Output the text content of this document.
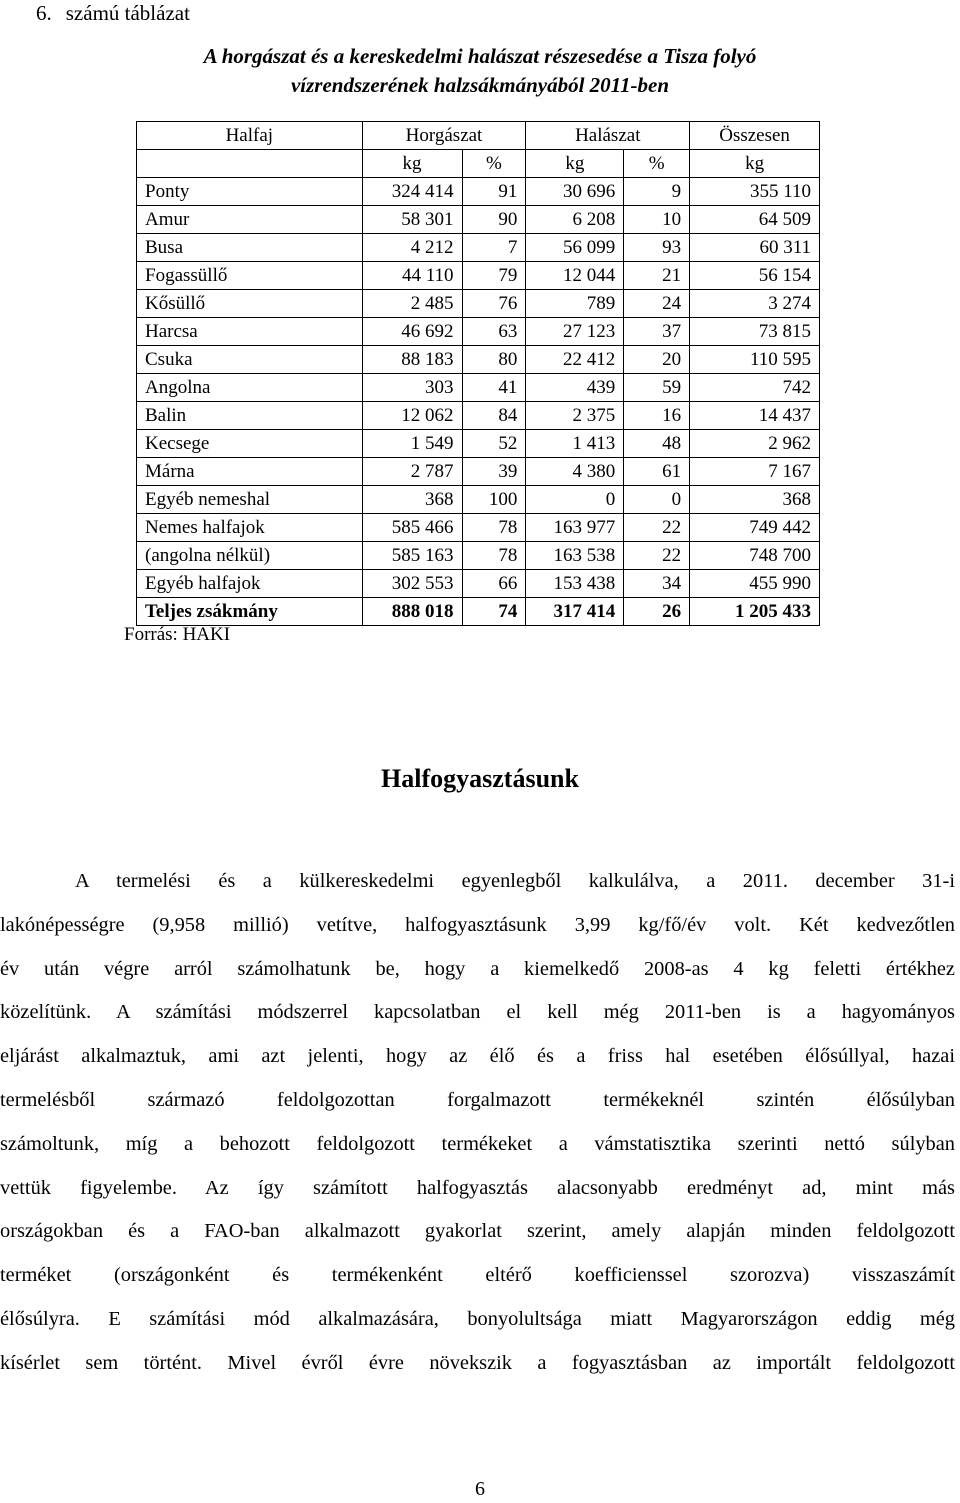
6. számú táblázat
A horgászat és a kereskedelmi halászat részesedése a Tisza folyó
vízrendszerének halzsákmányából 2011-ben
Halfaj	Horgászat		Halászat		Összesen
	kg	%	kg	%	kg
Ponty	324 414	91	30 696	9	355 110
Amur	58 301	90	6 208	10	64 509
Busa	4 212	7	56 099	93	60 311
Fogassüllő	44 110	79	12 044	21	56 154
Kősüllő	2 485	76	789	24	3 274
Harcsa	46 692	63	27 123	37	73 815
Csuka	88 183	80	22 412	20	110 595
Angolna	303	41	439	59	742
Balin	12 062	84	2 375	16	14 437
Kecsege	1 549	52	1 413	48	2 962
Márna	2 787	39	4 380	61	7 167
Egyéb nemeshal	368	100	0	0	368
Nemes halfajok	585 466	78	163 977	22	749 442
(angolna nélkül)	585 163	78	163 538	22	748 700
Egyéb halfajok	302 553	66	153 438	34	455 990
Teljes zsákmány	888 018	74	317 414	26	1 205 433
Forrás: HAKI
Halfogyasztásunk
A termelési és a külkereskedelmi egyenlegből kalkulálva, a 2011. december 31-i
lakónépességre (9,958 millió) vetítve, halfogyasztásunk 3,99 kg/fő/év volt. Két kedvezőtlen
év után végre arról számolhatunk be, hogy a kiemelkedő 2008-as 4 kg feletti értékhez
közelítünk. A számítási módszerrel kapcsolatban el kell még 2011-ben is a hagyományos
eljárást alkalmaztuk, ami azt jelenti, hogy az élő és a friss hal esetében élősúllyal, hazai
termelésből származó feldolgozottan forgalmazott termékeknél szintén élősúlyban
számoltunk, míg a behozott feldolgozott termékeket a vámstatisztika szerinti nettó súlyban
vettük figyelembe. Az így számított halfogyasztás alacsonyabb eredményt ad, mint más
országokban és a FAO-ban alkalmazott gyakorlat szerint, amely alapján minden feldolgozott
terméket (országonként és termékenként eltérő koefficienssel szorozva) visszaszámít
élősúlyra. E számítási mód alkalmazására, bonyolultsága miatt Magyarországon eddig még
kísérlet sem történt. Mivel évről évre növekszik a fogyasztásban az importált feldolgozott
6
